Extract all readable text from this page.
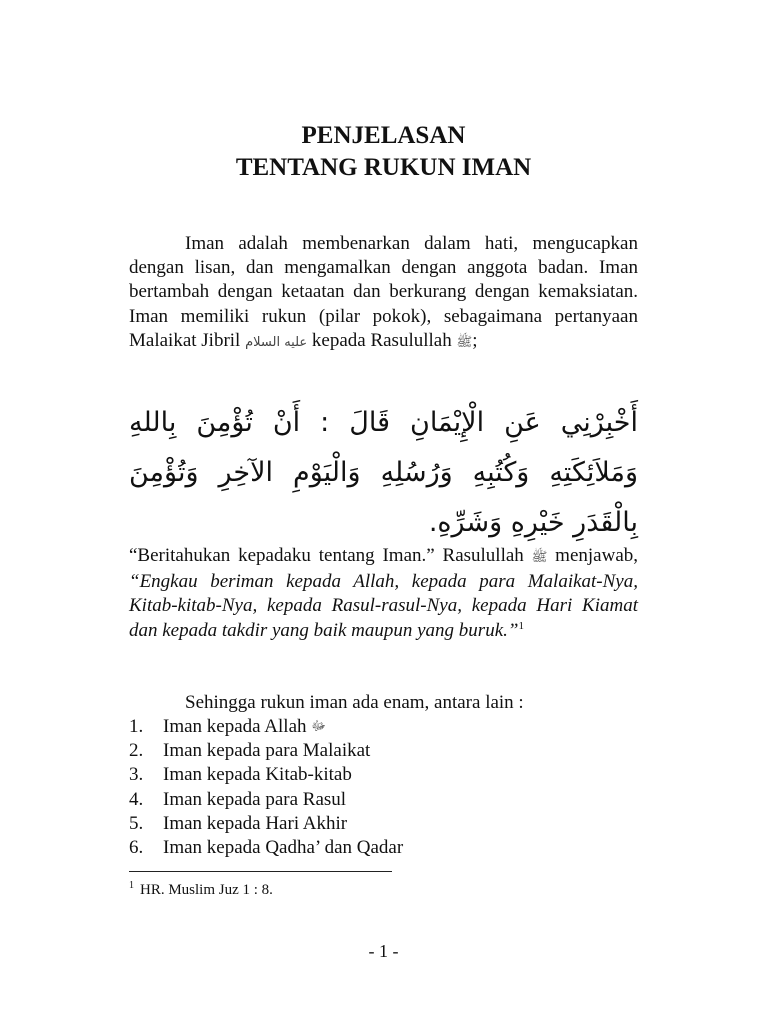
PENJELASAN
TENTANG RUKUN IMAN
Iman adalah membenarkan dalam hati, mengucapkan dengan lisan, dan mengamalkan dengan anggota badan. Iman bertambah dengan ketaatan dan berkurang dengan kemaksiatan. Iman memiliki rukun (pilar pokok), sebagaimana pertanyaan Malaikat Jibril عليه السلام kepada Rasulullah ﷺ;
أَخْبِرْنِي عَنِ الْإِيْمَانِ قَالَ : أَنْ تُؤْمِنَ بِاللهِ وَمَلاَئِكَتِهِ وَكُتُبِهِ وَرُسُلِهِ وَالْيَوْمِ الآخِرِ وَتُؤْمِنَ بِالْقَدَرِ خَيْرِهِ وَشَرِّهِ.
“Beritahukan kepadaku tentang Iman.” Rasulullah ﷺ menjawab, “Engkau beriman kepada Allah, kepada para Malaikat-Nya, Kitab-kitab-Nya, kepada Rasul-rasul-Nya, kepada Hari Kiamat dan kepada takdir yang baik maupun yang buruk.”$^1$
Sehingga rukun iman ada enam, antara lain :
1.	Iman kepada Allah
ﷻ
2.	Iman kepada para Malaikat
3.	Iman kepada Kitab-kitab
4.	Iman kepada para Rasul
5.	Iman kepada Hari Akhir
6.	Iman kepada Qadha’ dan Qadar
$^1$ HR. Muslim Juz 1 : 8.
- 1 -
